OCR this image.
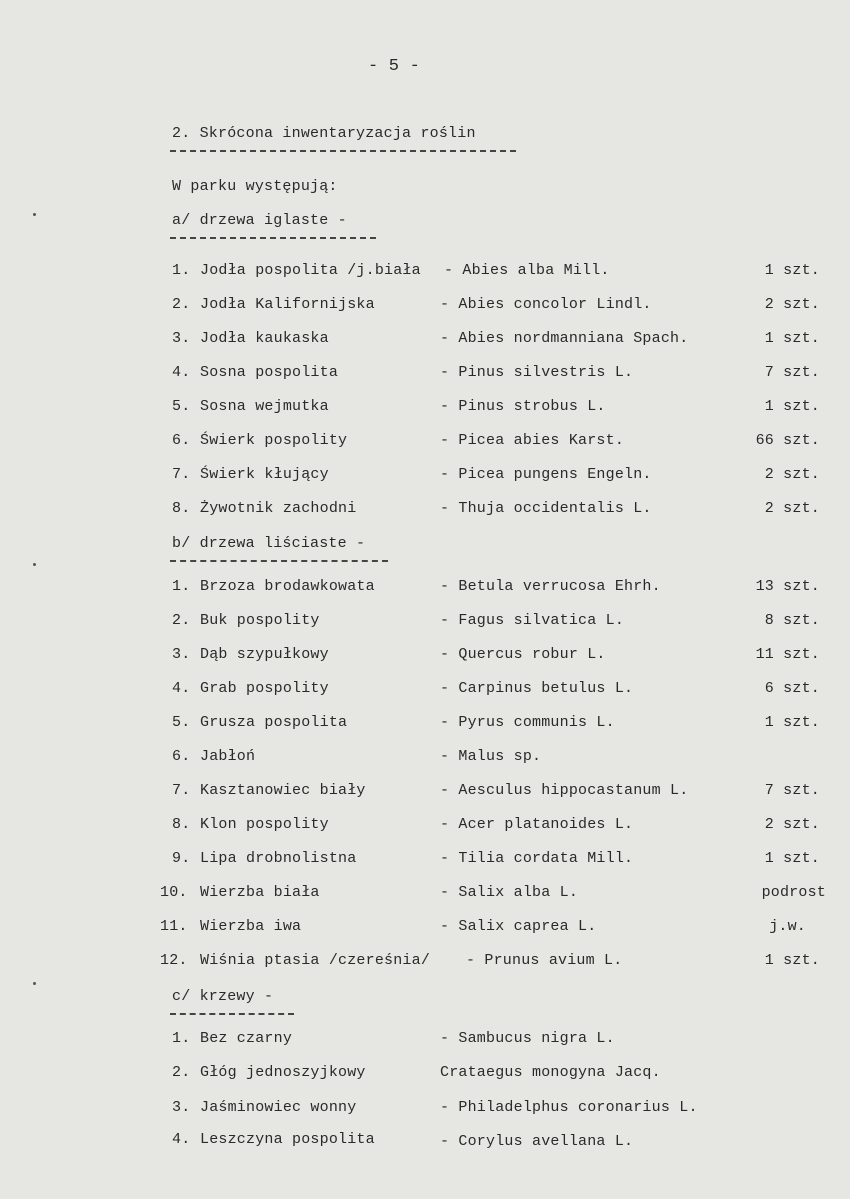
- 5 -
2. Skrócona inwentaryzacja roślin
W parku występują:
a/ drzewa iglaste -
1. Jodła pospolita /j.biała - Abies alba Mill.	1 szt.
2. Jodła Kalifornijska	- Abies concolor Lindl.	2 szt.
3. Jodła kaukaska	- Abies nordmanniana Spach.	1 szt.
4. Sosna pospolita	- Pinus silvestris L.	7 szt.
5. Sosna wejmutka	- Pinus strobus L.	1 szt.
6. Świerk pospolity	- Picea abies Karst.	66 szt.
7. Świerk kłujący	- Picea pungens Engeln.	2 szt.
8. Żywotnik zachodni	- Thuja occidentalis L.	2 szt.
b/ drzewa liściaste -
1. Brzoza brodawkowata	- Betula verrucosa Ehrh.	13 szt.
2. Buk pospolity	- Fagus silvatica L.	8 szt.
3. Dąb szypułkowy	- Quercus robur L.	11 szt.
4. Grab pospolity	- Carpinus betulus L.	6 szt.
5. Grusza pospolita	- Pyrus communis L.	1 szt.
6. Jabłoń	- Malus sp.
7. Kasztanowiec biały	- Aesculus hippocastanum L.	7 szt.
8. Klon pospolity	- Acer platanoides L.	2 szt.
9. Lipa drobnolistna	- Tilia cordata Mill.	1 szt.
10. Wierzba biała	- Salix alba L.	podrost
11. Wierzba iwa	- Salix caprea L.	j.w.
12. Wiśnia ptasia /czereśnia/ - Prunus avium L.	1 szt.
c/ krzewy -
1. Bez czarny	- Sambucus nigra L.
2. Głóg jednoszyjkowy	Crataegus monogyna Jacq.
3. Jaśminowiec wonny	- Philadelphus coronarius L.
4. Leszczyna pospolita	- Corylus avellana L.
